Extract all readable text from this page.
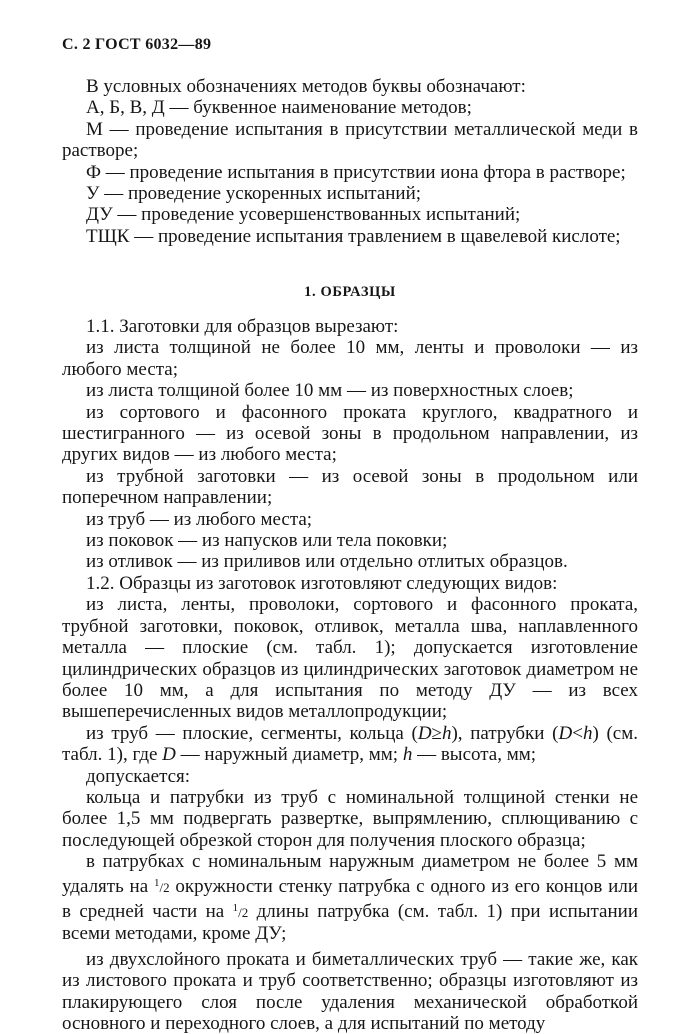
С. 2 ГОСТ 6032—89

В условных обозначениях методов буквы обозначают:

А, Б, В, Д — буквенное наименование методов;

М — проведение испытания в присутствии металлической меди в растворе;

Ф — проведение испытания в присутствии иона фтора в растворе;

У — проведение ускоренных испытаний;

ДУ — проведение усовершенствованных испытаний;

ТЩК — проведение испытания травлением в щавелевой кислоте;

1. ОБРАЗЦЫ

1.1. Заготовки для образцов вырезают:

из листа толщиной не более 10 мм, ленты и проволоки — из любого места;

из листа толщиной более 10 мм — из поверхностных слоев;

из сортового и фасонного проката круглого, квадратного и шестигранного — из осевой зоны в продольном направлении, из других видов — из любого места;

из трубной заготовки — из осевой зоны в продольном или поперечном направлении;

из труб — из любого места;

из поковок — из напусков или тела поковки;

из отливок — из приливов или отдельно отлитых образцов.

1.2. Образцы из заготовок изготовляют следующих видов:

из листа, ленты, проволоки, сортового и фасонного проката, трубной заготовки, поковок, отливок, металла шва, наплавленного металла — плоские (см. табл. 1); допускается изготовление цилиндрических образцов из цилиндрических заготовок диаметром не более 10 мм, а для испытания по методу ДУ — из всех вышеперечисленных видов металлопродукции;

из труб — плоские, сегменты, кольца (D≥h), патрубки (D<h) (см. табл. 1), где D — наружный диаметр, мм; h — высота, мм;

допускается:

кольца и патрубки из труб с номинальной толщиной стенки не более 1,5 мм подвергать развертке, выпрямлению, сплющиванию с последующей обрезкой сторон для получения плоского образца;

в патрубках с номинальным наружным диаметром не более 5 мм удалять на $^1$/2 окружности стенку патрубка с одного из его концов или в средней части на $^1$/2 длины патрубка (см. табл. 1) при испытании всеми методами, кроме ДУ;

из двухслойного проката и биметаллических труб — такие же, как из листового проката и труб соответственно; образцы изготовляют из плакирующего слоя после удаления механической обработкой основного и переходного слоев, а для испытаний по методу
